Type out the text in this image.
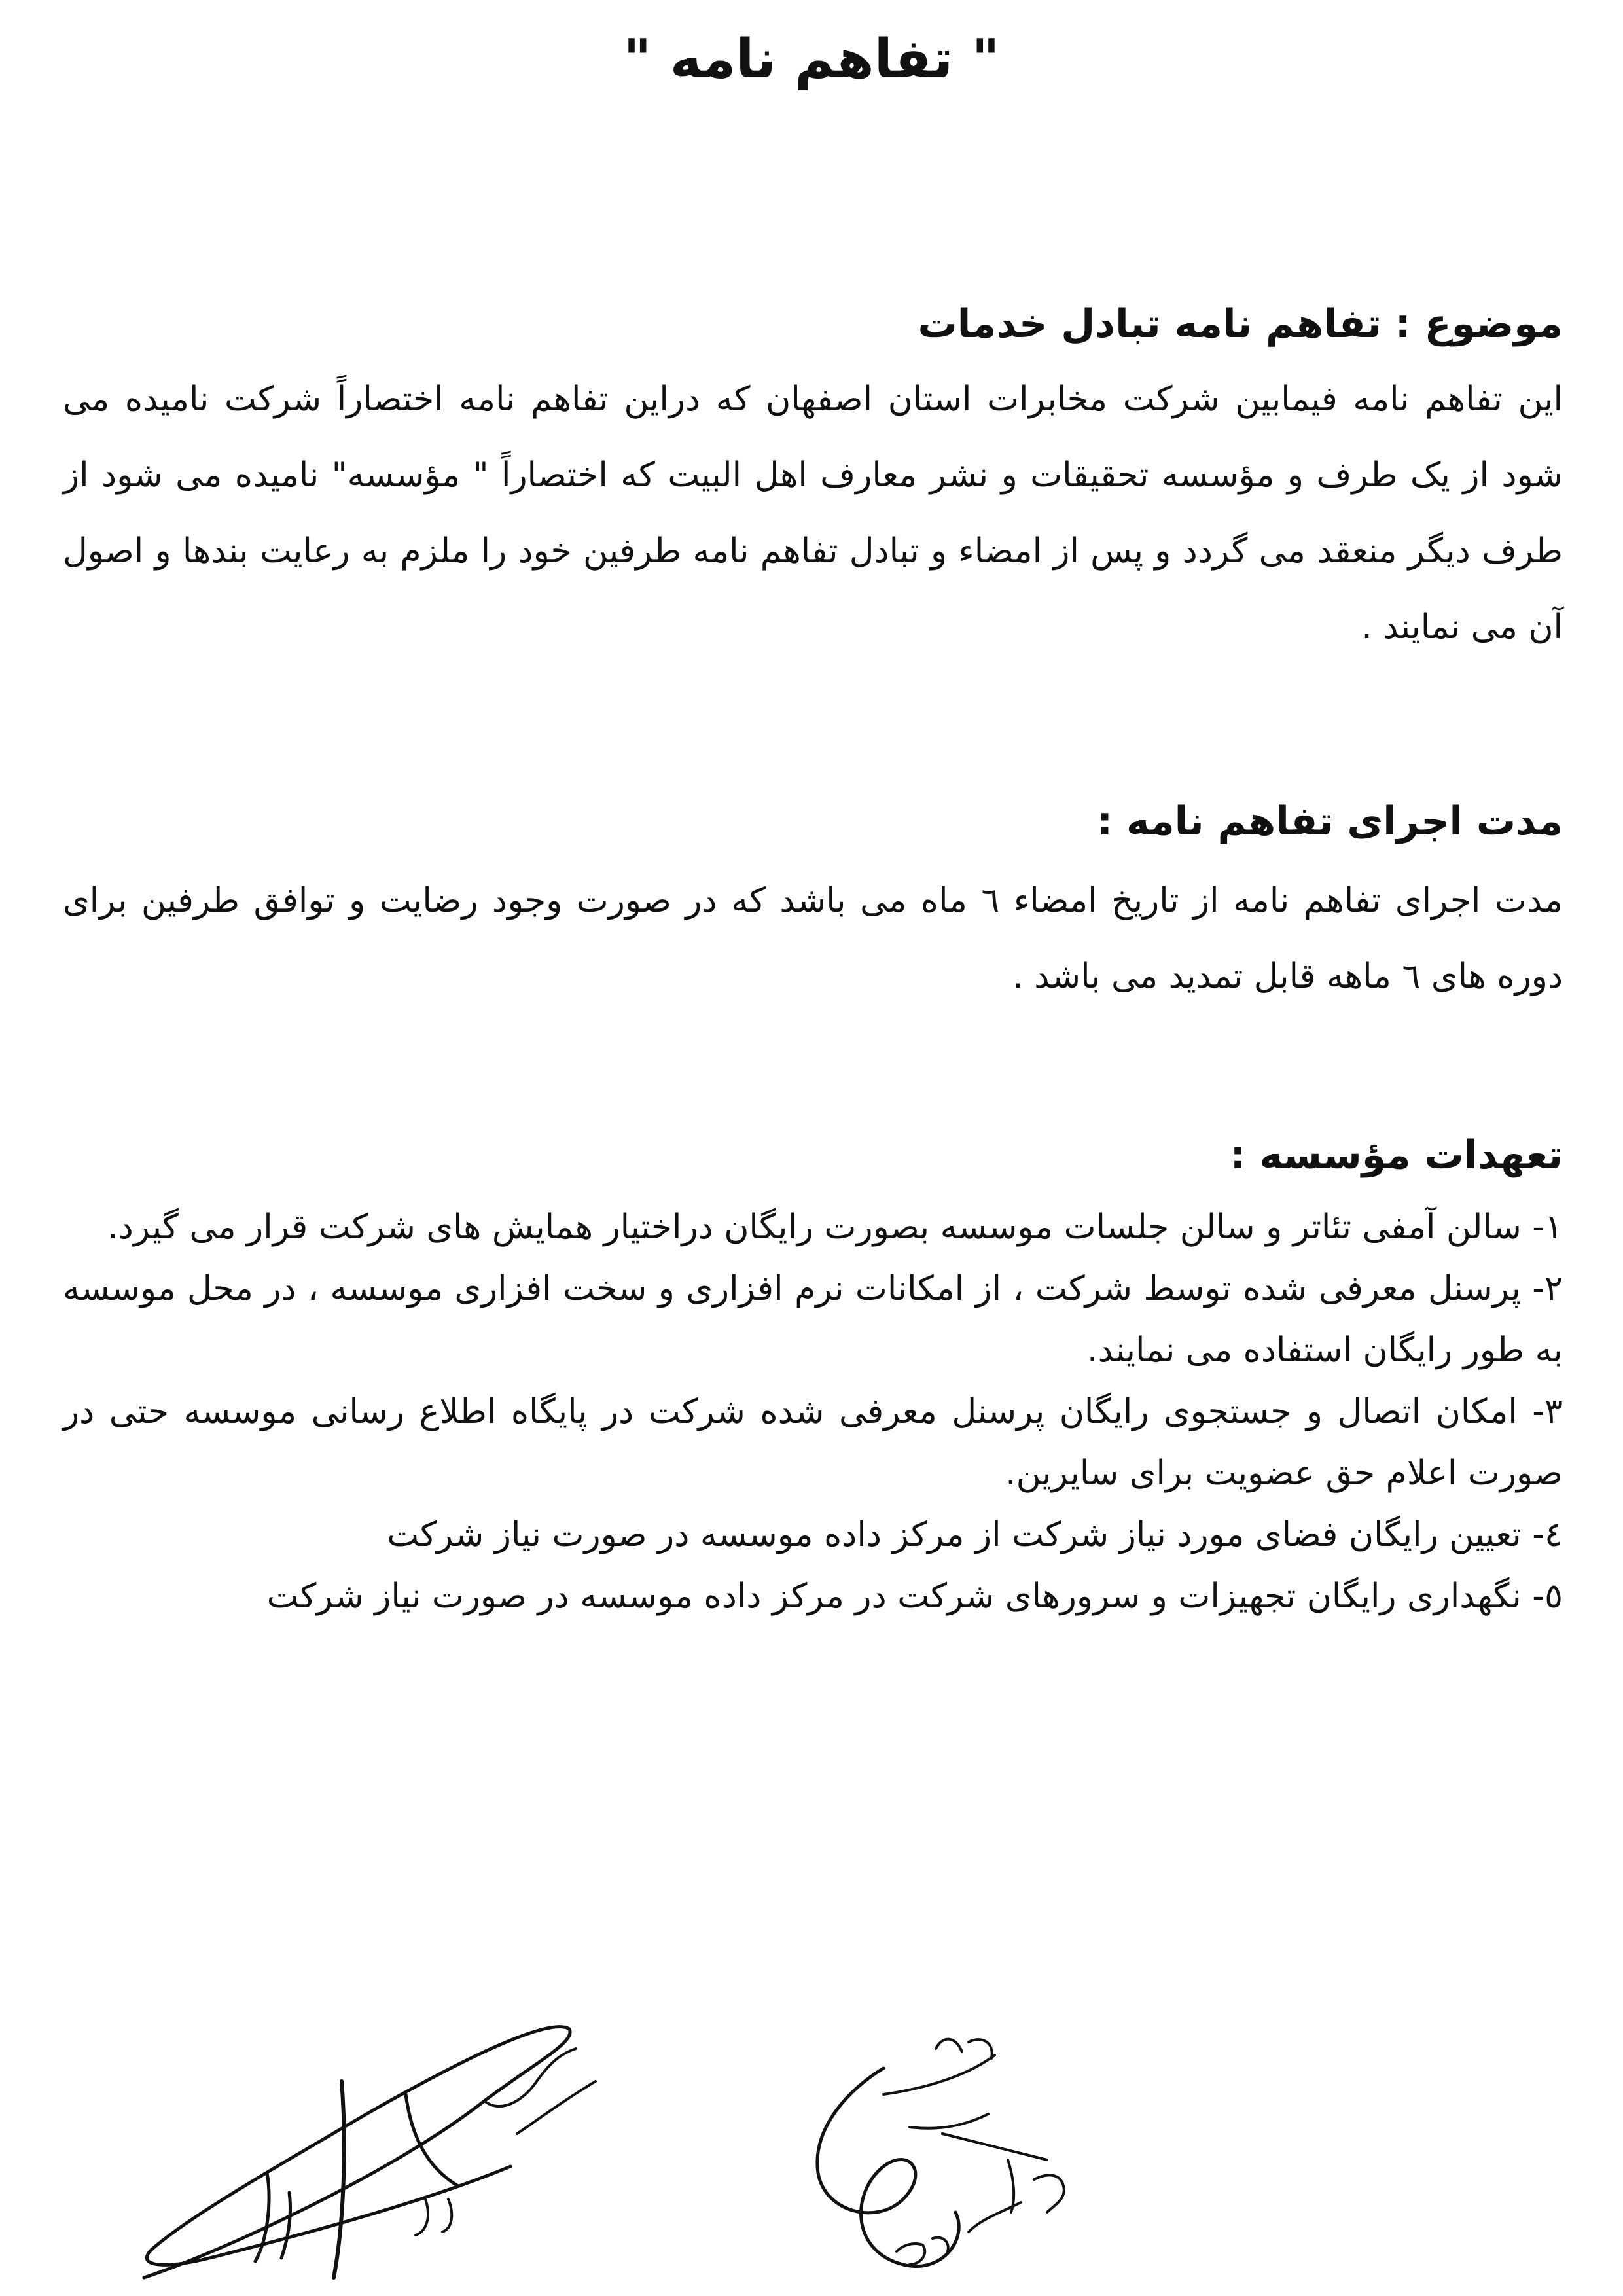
" تفاهم نامه "
موضوع : تفاهم نامه تبادل خدمات

این تفاهم نامه فیمابین شرکت مخابرات استان اصفهان که دراین تفاهم نامه اختصاراً شرکت نامیده می شود از یک طرف و مؤسسه تحقیقات و نشر معارف اهل البیت که اختصاراً " مؤسسه" نامیده می شود از طرف دیگر منعقد می گردد و پس از امضاء و تبادل تفاهم نامه طرفین خود را ملزم به رعایت بندها و اصول آن می نمایند .

مدت اجرای تفاهم نامه :

مدت اجرای تفاهم نامه از تاریخ امضاء ٦ ماه می باشد که در صورت وجود رضایت و توافق طرفین برای دوره های ٦ ماهه قابل تمدید می باشد .

تعهدات مؤسسه :

١- سالن آمفی تئاتر و سالن جلسات موسسه بصورت رایگان دراختیار همایش های شرکت قرار می گیرد.

٢- پرسنل معرفی شده توسط شرکت ، از امکانات نرم افزاری و سخت افزاری موسسه ، در محل موسسه به طور رایگان استفاده می نمایند.

٣- امکان اتصال و جستجوی رایگان پرسنل معرفی شده شرکت در پایگاه اطلاع رسانی موسسه حتی در صورت اعلام حق عضویت برای سایرین.

٤- تعیین رایگان فضای مورد نیاز شرکت از مرکز داده موسسه در صورت نیاز شرکت

٥- نگهداری رایگان تجهیزات و سرورهای شرکت در مرکز داده موسسه در صورت نیاز شرکت
